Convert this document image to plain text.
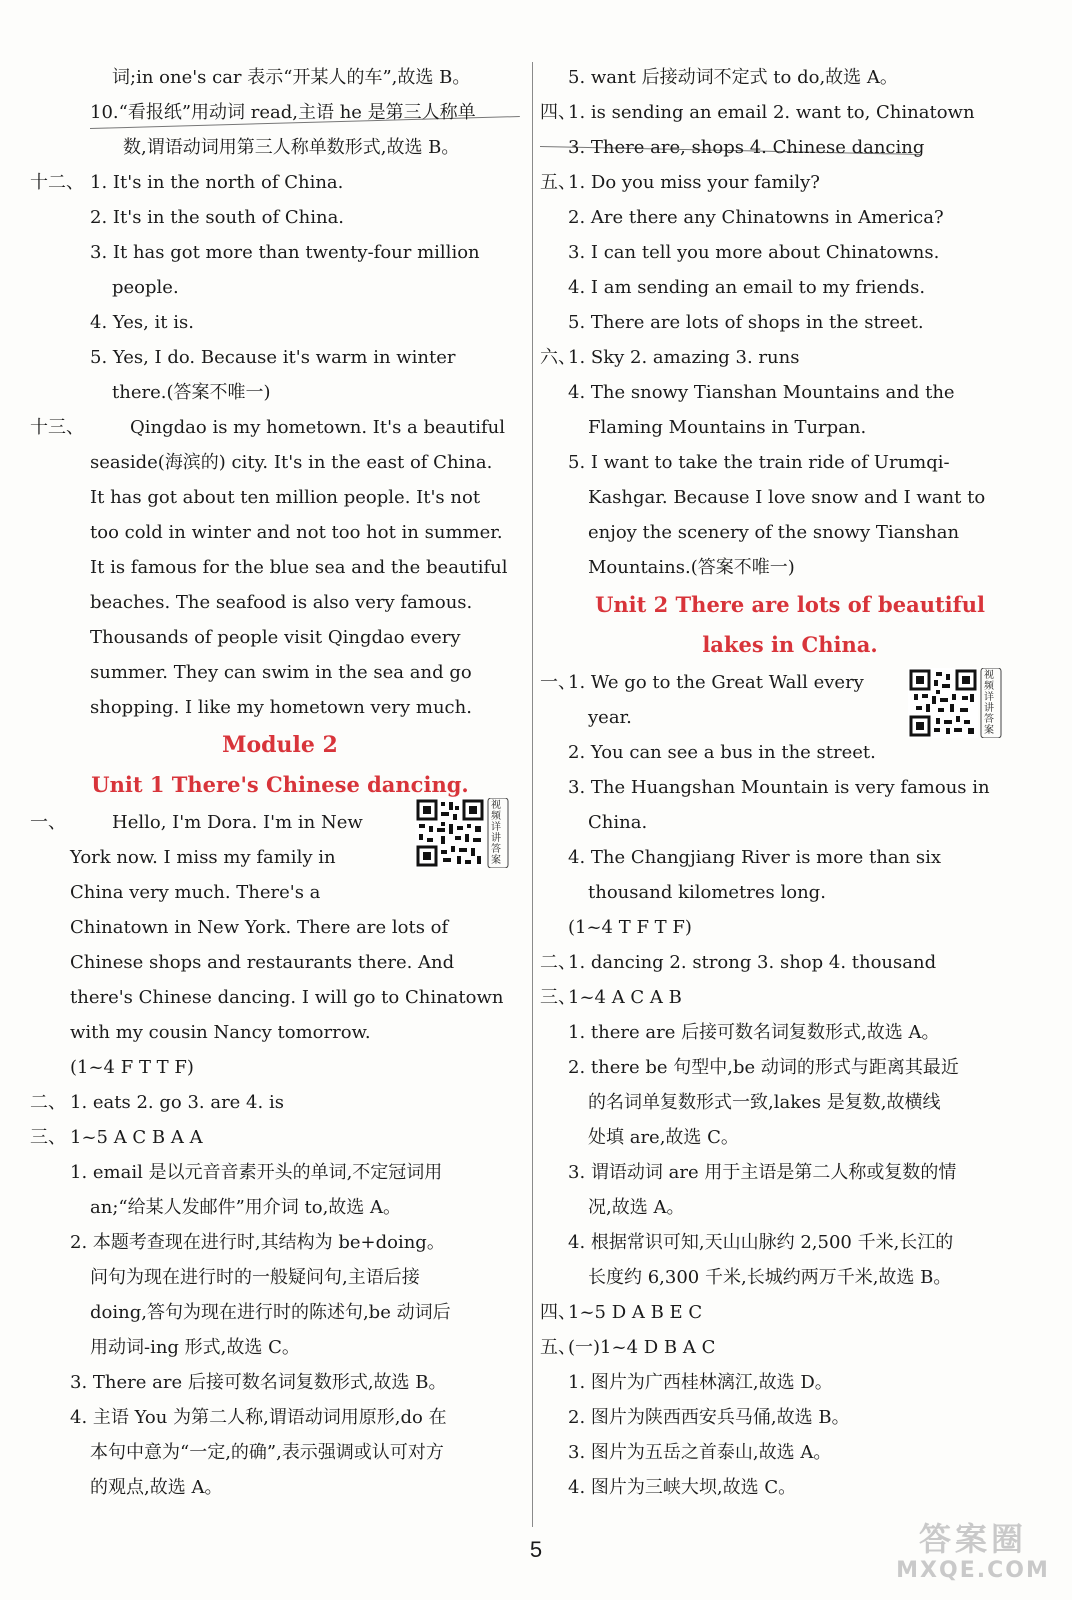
词;in one's car 表示“开某人的车”,故选 B。
10.“看报纸”用动词 read,主语 he 是第三人称单
数,谓语动词用第三人称单数形式,故选 B。
十二、 1. It's in the north of China.
2. It's in the south of China.
3. It has got more than twenty-four million
people.
4. Yes, it is.
5. Yes, I do. Because it's warm in winter
there.(答案不唯一)
十三、	Qingdao is my hometown. It's a beautiful
seaside(海滨的) city. It's in the east of China.
It has got about ten million people. It's not
too cold in winter and not too hot in summer.
It is famous for the blue sea and the beautiful
beaches. The seafood is also very famous.
Thousands of people visit Qingdao every
summer. They can swim in the sea and go
shopping. I like my hometown very much.
Module 2
Unit 1 There's Chinese dancing.
一、	Hello, I'm Dora. I'm in New
York now. I miss my family in
China very much. There's a
Chinatown in New York. There are lots of
Chinese shops and restaurants there. And
there's Chinese dancing. I will go to Chinatown
with my cousin Nancy tomorrow.
(1~4 F T T F)
二、 1. eats 2. go 3. are 4. is
三、 1~5 A C B A A
1. email 是以元音音素开头的单词,不定冠词用
an;“给某人发邮件”用介词 to,故选 A。
2. 本题考查现在进行时,其结构为 be+doing。
问句为现在进行时的一般疑问句,主语后接
doing,答句为现在进行时的陈述句,be 动词后
用动词-ing 形式,故选 C。
3. There are 后接可数名词复数形式,故选 B。
4. 主语 You 为第二人称,谓语动词用原形,do 在
本句中意为“一定,的确”,表示强调或认可对方
的观点,故选 A。
视频详讲答案
5. want 后接动词不定式 to do,故选 A。
四、
1. is sending an email 2. want to, Chinatown
3. There are, shops 4. Chinese dancing
五、
1. Do you miss your family?
2. Are there any Chinatowns in America?
3. I can tell you more about Chinatowns.
4. I am sending an email to my friends.
5. There are lots of shops in the street.
六、
1. Sky 2. amazing 3. runs
4. The snowy Tianshan Mountains and the
Flaming Mountains in Turpan.
5. I want to take the train ride of Urumqi-
Kashgar. Because I love snow and I want to
enjoy the scenery of the snowy Tianshan
Mountains.(答案不唯一)
Unit 2 There are lots of beautiful
lakes in China.
一、
1. We go to the Great Wall every
year.
2. You can see a bus in the street.
3. The Huangshan Mountain is very famous in
China.
4. The Changjiang River is more than six
thousand kilometres long.
(1~4 T F T F)
二、
1. dancing 2. strong 3. shop 4. thousand
三、
1~4 A C A B
1. there are 后接可数名词复数形式,故选 A。
2. there be 句型中,be 动词的形式与距离其最近
的名词单复数形式一致,lakes 是复数,故横线
处填 are,故选 C。
3. 谓语动词 are 用于主语是第二人称或复数的情
况,故选 A。
4. 根据常识可知,天山山脉约 2,500 千米,长江的
长度约 6,300 千米,长城约两万千米,故选 B。
四、
1~5 D A B E C
五、
(一)1~4 D B A C
1. 图片为广西桂林漓江,故选 D。
2. 图片为陕西西安兵马俑,故选 B。
3. 图片为五岳之首泰山,故选 A。
4. 图片为三峡大坝,故选 C。
视频详讲答案
5	答案圈
MXQE.COM
